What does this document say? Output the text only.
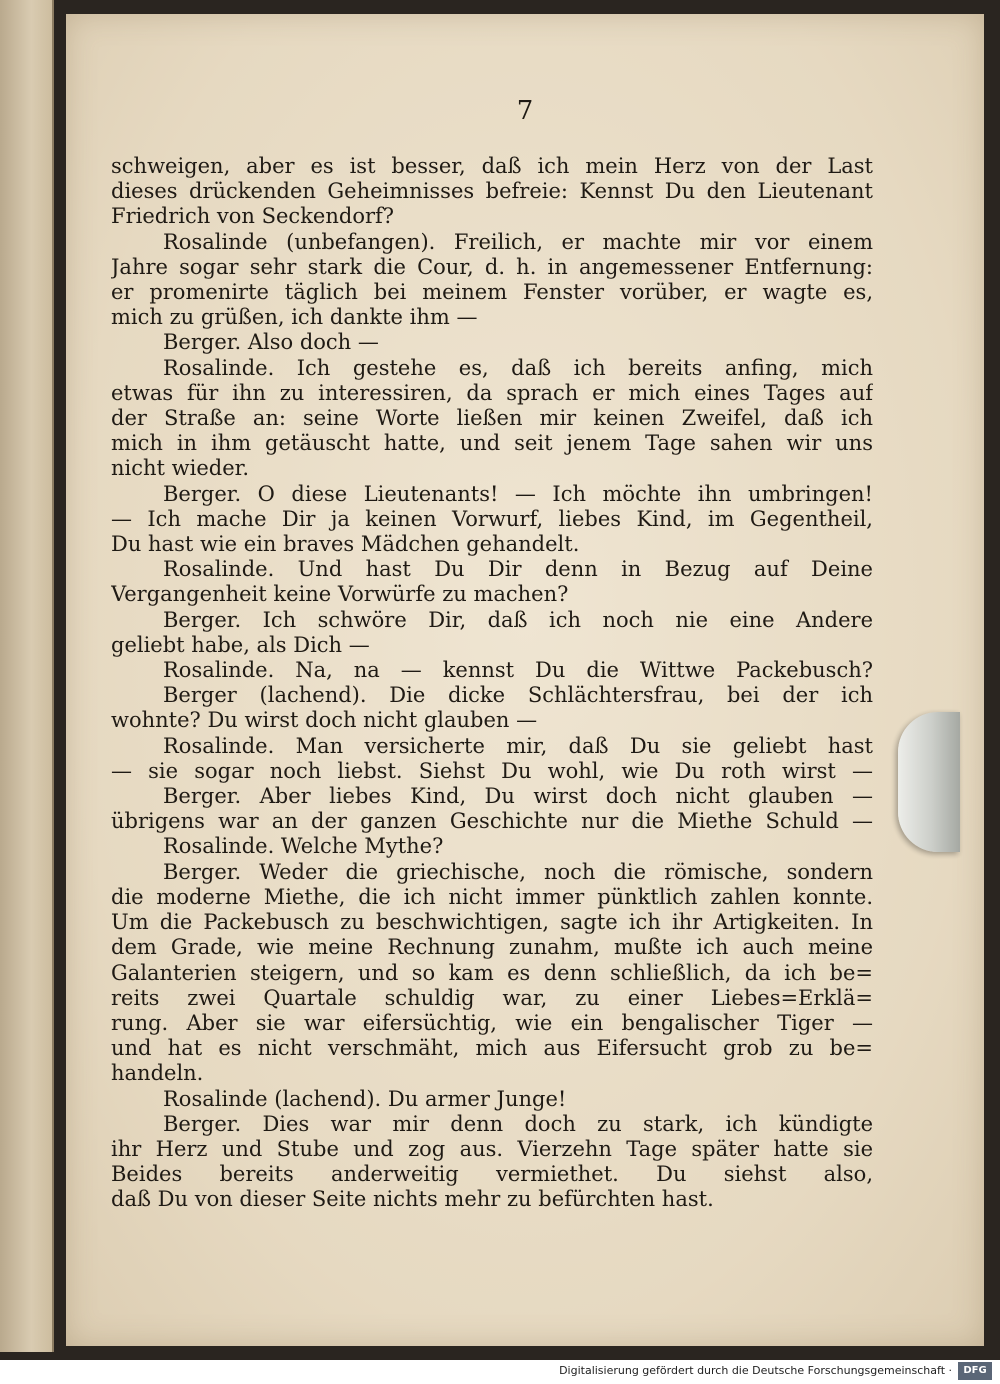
7
schweigen, aber es ist besser, daß ich mein Herz von der Last
dieses drückenden Geheimnisses befreie: Kennst Du den Lieutenant
Friedrich von Seckendorf?
Rosalinde (unbefangen). Freilich, er machte mir vor einem
Jahre sogar sehr stark die Cour, d. h. in angemessener Entfernung:
er promenirte täglich bei meinem Fenster vorüber, er wagte es,
mich zu grüßen, ich dankte ihm —
Berger. Also doch —
Rosalinde. Ich gestehe es, daß ich bereits anfing, mich
etwas für ihn zu interessiren, da sprach er mich eines Tages auf
der Straße an: seine Worte ließen mir keinen Zweifel, daß ich
mich in ihm getäuscht hatte, und seit jenem Tage sahen wir uns
nicht wieder.
Berger. O diese Lieutenants! — Ich möchte ihn umbringen!
— Ich mache Dir ja keinen Vorwurf, liebes Kind, im Gegentheil,
Du hast wie ein braves Mädchen gehandelt.
Rosalinde. Und hast Du Dir denn in Bezug auf Deine
Vergangenheit keine Vorwürfe zu machen?
Berger. Ich schwöre Dir, daß ich noch nie eine Andere
geliebt habe, als Dich —
Rosalinde. Na, na — kennst Du die Wittwe Packebusch?
Berger (lachend). Die dicke Schlächtersfrau, bei der ich
wohnte? Du wirst doch nicht glauben —
Rosalinde. Man versicherte mir, daß Du sie geliebt hast
— sie sogar noch liebst. Siehst Du wohl, wie Du roth wirst —
Berger. Aber liebes Kind, Du wirst doch nicht glauben —
übrigens war an der ganzen Geschichte nur die Miethe Schuld —
Rosalinde. Welche Mythe?
Berger. Weder die griechische, noch die römische, sondern
die moderne Miethe, die ich nicht immer pünktlich zahlen konnte.
Um die Packebusch zu beschwichtigen, sagte ich ihr Artigkeiten. In
dem Grade, wie meine Rechnung zunahm, mußte ich auch meine
Galanterien steigern, und so kam es denn schließlich, da ich be=
reits zwei Quartale schuldig war, zu einer Liebes=Erklä=
rung. Aber sie war eifersüchtig, wie ein bengalischer Tiger —
und hat es nicht verschmäht, mich aus Eifersucht grob zu be=
handeln.
Rosalinde (lachend). Du armer Junge!
Berger. Dies war mir denn doch zu stark, ich kündigte
ihr Herz und Stube und zog aus. Vierzehn Tage später hatte sie
Beides bereits anderweitig vermiethet. Du siehst also,
daß Du von dieser Seite nichts mehr zu befürchten hast.
Digitalisierung gefördert durch die Deutsche Forschungsgemeinschaft ·	DFG
